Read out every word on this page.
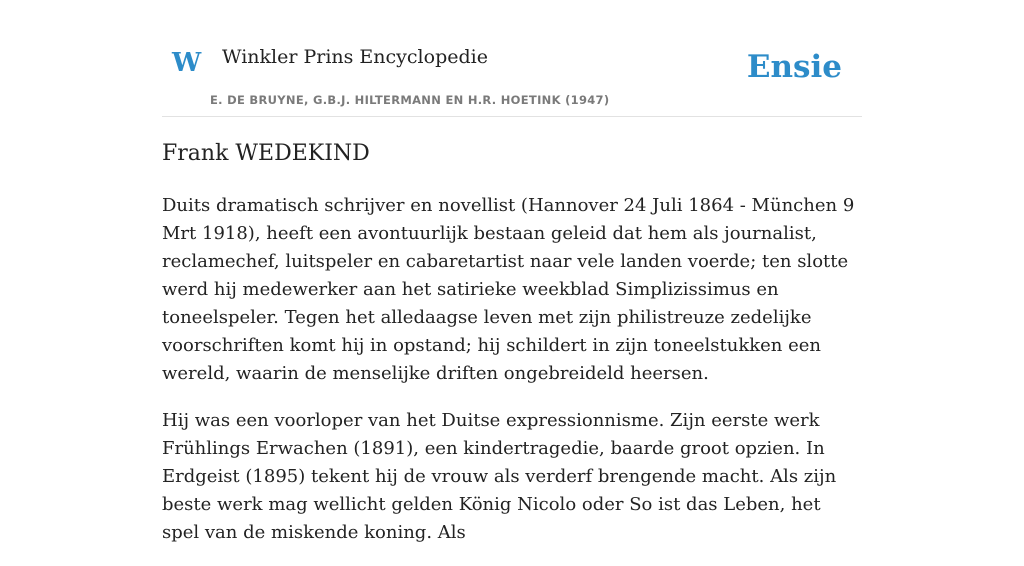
W Winkler Prins Encyclopedie
E. DE BRUYNE, G.B.J. HILTERMANN EN H.R. HOETINK (1947)
Ensie
Frank WEDEKIND

Duits dramatisch schrijver en novellist (Hannover 24 Juli 1864 - München 9 Mrt 1918), heeft een avontuurlijk bestaan geleid dat hem als journalist, reclamechef, luitspeler en cabaretartist naar vele landen voerde; ten slotte werd hij medewerker aan het satirieke weekblad Simplizissimus en toneelspeler. Tegen het alledaagse leven met zijn philistreuze zedelijke voorschriften komt hij in opstand; hij schildert in zijn toneelstukken een wereld, waarin de menselijke driften ongebreideld heersen.

Hij was een voorloper van het Duitse expressionnisme. Zijn eerste werk Frühlings Erwachen (1891), een kindertragedie, baarde groot opzien. In Erdgeist (1895) tekent hij de vrouw als verderf brengende macht. Als zijn beste werk mag wellicht gelden König Nicolo oder So ist das Leben, het spel van de miskende koning. Als
